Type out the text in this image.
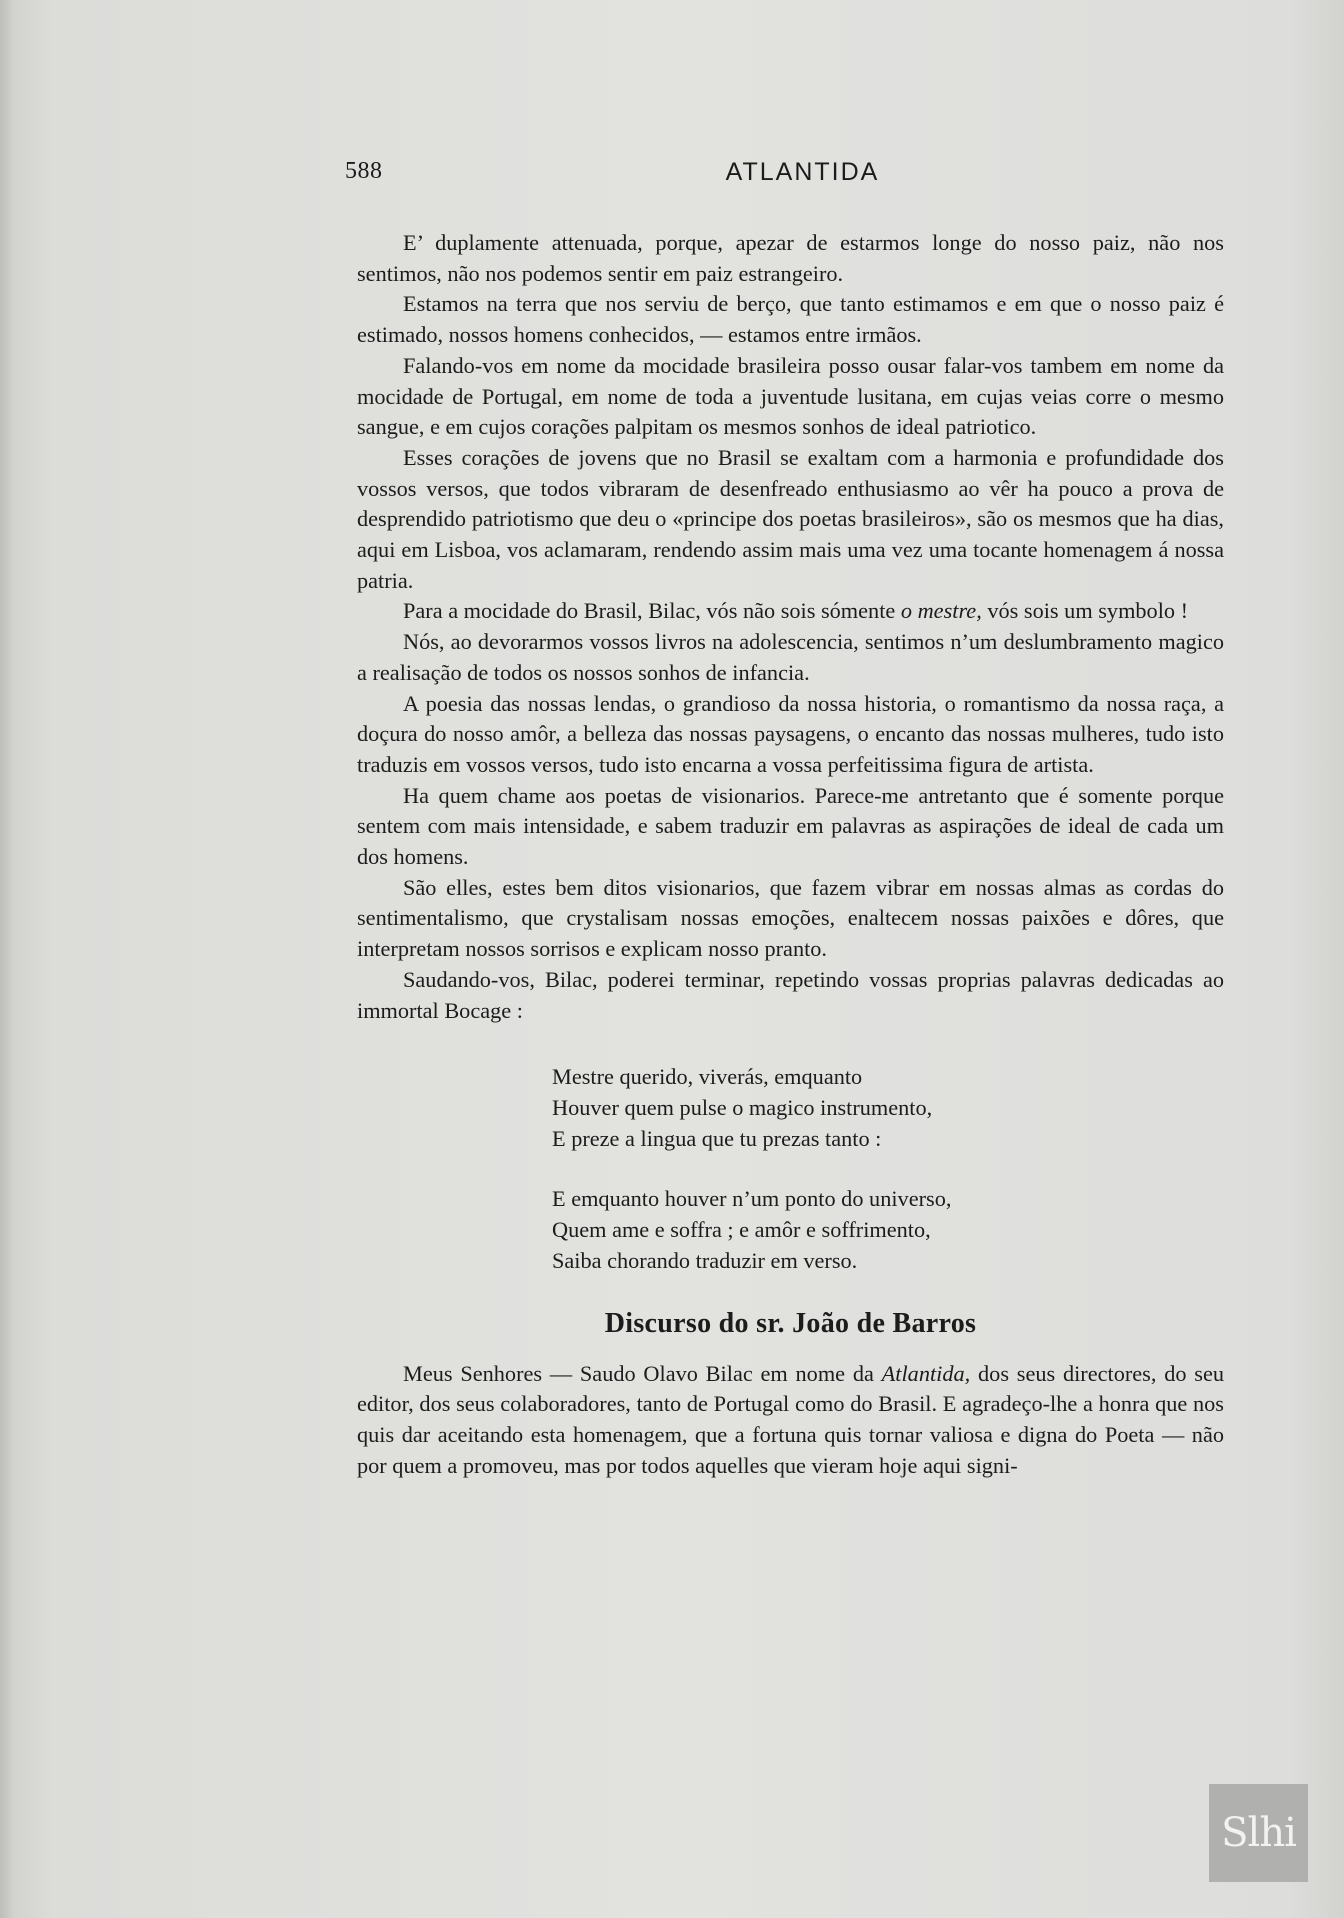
588	ATLANTIDA

E’ duplamente attenuada, porque, apezar de estarmos longe do nosso paiz, não nos sentimos, não nos podemos sentir em paiz estrangeiro.

Estamos na terra que nos serviu de berço, que tanto estimamos e em que o nosso paiz é estimado, nossos homens conhecidos, — estamos entre irmãos.

Falando-vos em nome da mocidade brasileira posso ousar falar-vos tambem em nome da mocidade de Portugal, em nome de toda a juventude lusitana, em cujas veias corre o mesmo sangue, e em cujos corações palpitam os mesmos sonhos de ideal patriotico.

Esses corações de jovens que no Brasil se exaltam com a harmonia e profundidade dos vossos versos, que todos vibraram de desenfreado enthusiasmo ao vêr ha pouco a prova de desprendido patriotismo que deu o «principe dos poetas brasileiros», são os mesmos que ha dias, aqui em Lisboa, vos aclamaram, rendendo assim mais uma vez uma tocante homenagem á nossa patria.

Para a mocidade do Brasil, Bilac, vós não sois sómente o mestre, vós sois um symbolo !

Nós, ao devorarmos vossos livros na adolescencia, sentimos n’um deslumbramento magico a realisação de todos os nossos sonhos de infancia.

A poesia das nossas lendas, o grandioso da nossa historia, o romantismo da nossa raça, a doçura do nosso amôr, a belleza das nossas paysagens, o encanto das nossas mulheres, tudo isto traduzis em vossos versos, tudo isto encarna a vossa perfeitissima figura de artista.

Ha quem chame aos poetas de visionarios. Parece-me antretanto que é somente porque sentem com mais intensidade, e sabem traduzir em palavras as aspirações de ideal de cada um dos homens.

São elles, estes bem ditos visionarios, que fazem vibrar em nossas almas as cordas do sentimentalismo, que crystalisam nossas emoções, enaltecem nossas paixões e dôres, que interpretam nossos sorrisos e explicam nosso pranto.

Saudando-vos, Bilac, poderei terminar, repetindo vossas proprias palavras dedicadas ao immortal Bocage :

Mestre querido, viverás, emquanto
Houver quem pulse o magico instrumento,
E preze a lingua que tu prezas tanto :
E emquanto houver n’um ponto do universo,
Quem ame e soffra ; e amôr e soffrimento,
Saiba chorando traduzir em verso.
Discurso do sr. João de Barros

Meus Senhores — Saudo Olavo Bilac em nome da Atlantida, dos seus directores, do seu editor, dos seus colaboradores, tanto de Portugal como do Brasil. E agradeço-lhe a honra que nos quis dar aceitando esta homenagem, que a fortuna quis tornar valiosa e digna do Poeta — não por quem a promoveu, mas por todos aquelles que vieram hoje aqui signi-

Slhi
